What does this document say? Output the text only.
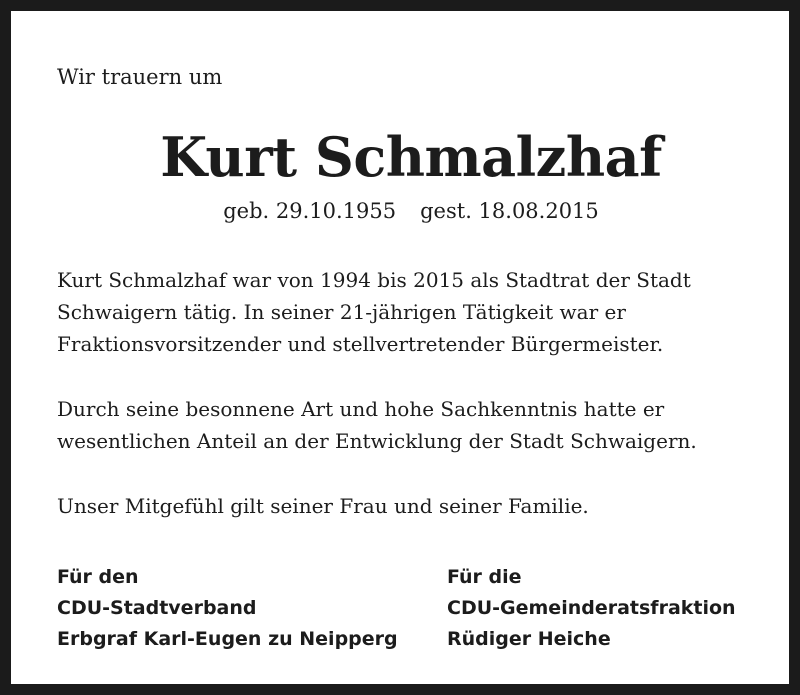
Wir trauern um
Kurt Schmalzhaf
geb. 29.10.1955 gest. 18.08.2015
Kurt Schmalzhaf war von 1994 bis 2015 als Stadtrat der Stadt
Schwaigern tätig. In seiner 21-jährigen Tätigkeit war er
Fraktionsvorsitzender und stellvertretender Bürgermeister.
Durch seine besonnene Art und hohe Sachkenntnis hatte er
wesentlichen Anteil an der Entwicklung der Stadt Schwaigern.
Unser Mitgefühl gilt seiner Frau und seiner Familie.
Für den
CDU-Stadtverband
Erbgraf Karl-Eugen zu Neipperg
Für die
CDU-Gemeinderatsfraktion
Rüdiger Heiche
